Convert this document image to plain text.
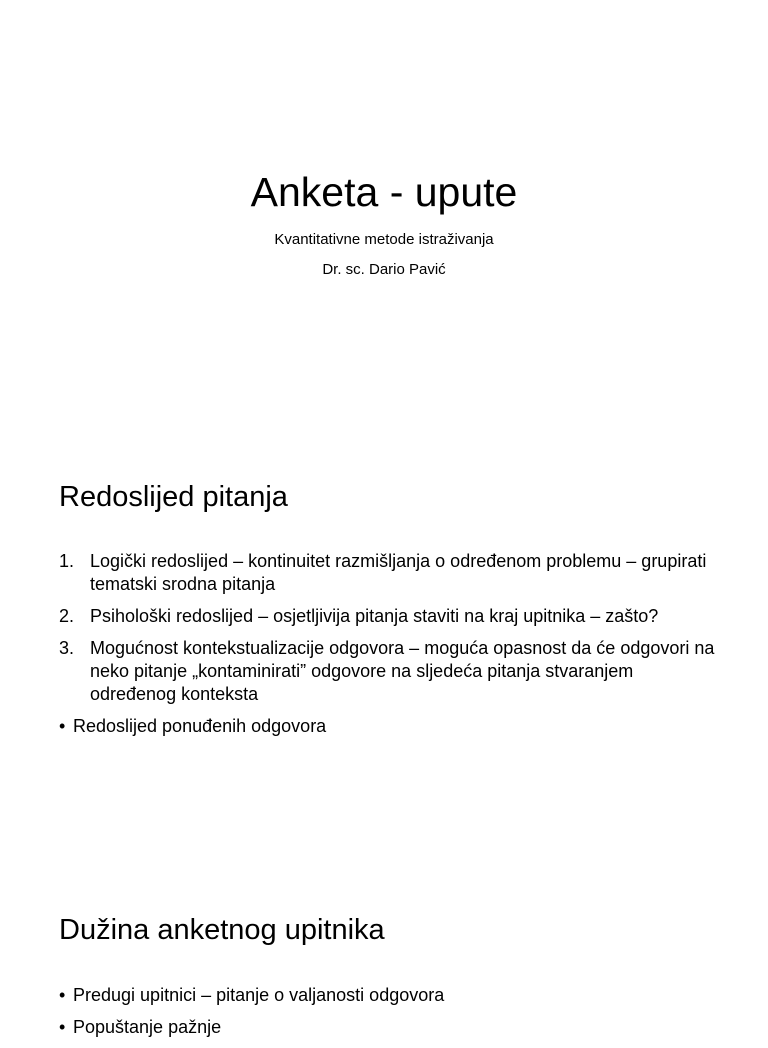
Anketa - upute

Kvantitativne metode istraživanja

Dr. sc. Dario Pavić

Redoslijed pitanja
1. Logički redoslijed – kontinuitet razmišljanja o određenom problemu – grupirati tematski srodna pitanja
2. Psihološki redoslijed – osjetljivija pitanja staviti na kraj upitnika – zašto?
3. Mogućnost kontekstualizacije odgovora – moguća opasnost da će odgovori na neko pitanje „kontaminirati” odgovore na sljedeća pitanja stvaranjem određenog konteksta
• Redoslijed ponuđenih odgovora
Dužina anketnog upitnika
• Predugi upitnici – pitanje o valjanosti odgovora
• Popuštanje pažnje
